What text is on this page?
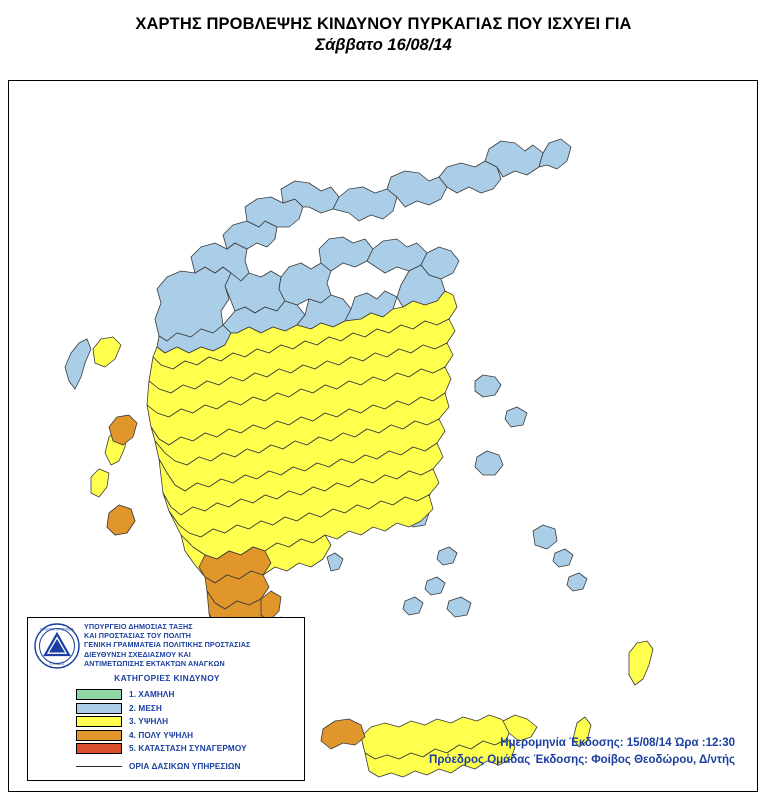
ΧΑΡΤΗΣ ΠΡΟΒΛΕΨΗΣ ΚΙΝΔΥΝΟΥ ΠΥΡΚΑΓΙΑΣ ΠΟΥ ΙΣΧΥΕΙ ΓΙΑ
Σάββατο 16/08/14
ΠΟΛΙΤΙΚΗ ΠΡΟΣΤΑΣΙΑ
ΕΛΛΑΔΟΣ
ΥΠΟΥΡΓΕΙΟ ΔΗΜΟΣΙΑΣ ΤΑΞΗΣ
ΚΑΙ ΠΡΟΣΤΑΣΙΑΣ ΤΟΥ ΠΟΛΙΤΗ
ΓΕΝΙΚΗ ΓΡΑΜΜΑΤΕΙΑ ΠΟΛΙΤΙΚΗΣ ΠΡΟΣΤΑΣΙΑΣ
ΔΙΕΥΘΥΝΣΗ ΣΧΕΔΙΑΣΜΟΥ ΚΑΙ
ΑΝΤΙΜΕΤΩΠΙΣΗΣ ΕΚΤΑΚΤΩΝ ΑΝΑΓΚΩΝ
ΚΑΤΗΓΟΡΙΕΣ ΚΙΝΔΥΝΟΥ
1. ΧΑΜΗΛΗ
2. ΜΕΣΗ
3. ΥΨΗΛΗ
4. ΠΟΛΥ ΥΨΗΛΗ
5. ΚΑΤΑΣΤΑΣΗ ΣΥΝΑΓΕΡΜΟΥ
ΟΡΙΑ ΔΑΣΙΚΩΝ ΥΠΗΡΕΣΙΩΝ
Ημερομηνία Έκδοσης: 15/08/14 Ώρα :12:30
Πρόεδρος Ομάδας Έκδοσης: Φοίβος Θεοδώρου, Δ/ντής
